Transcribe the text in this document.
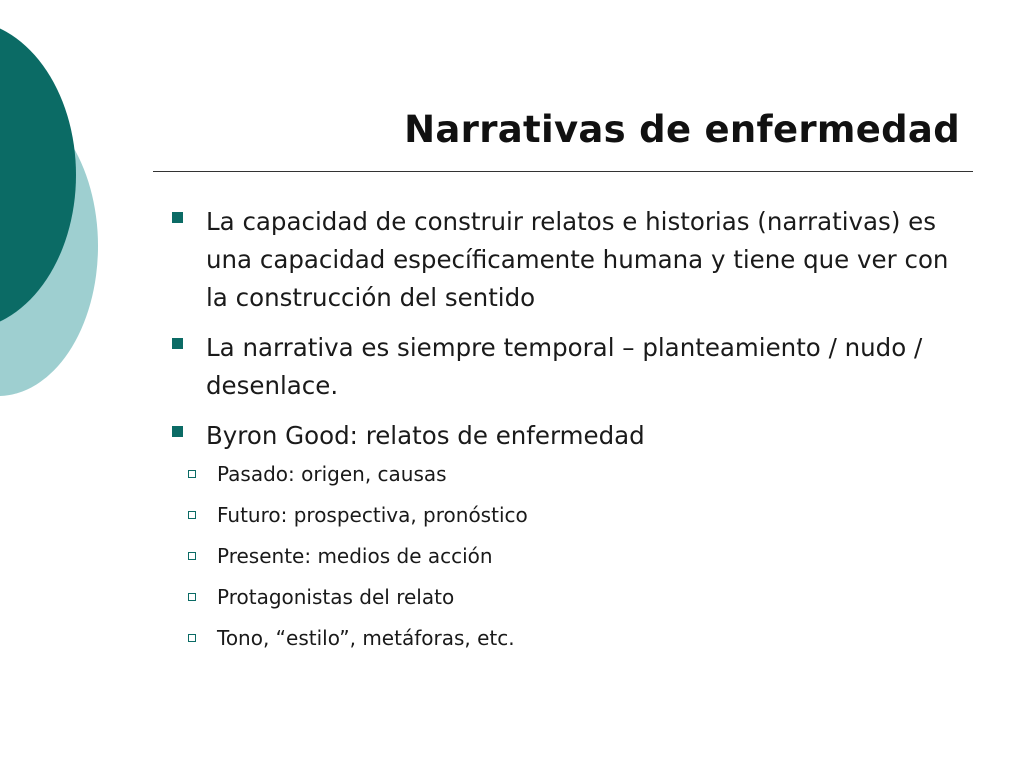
Narrativas de enfermedad
La capacidad de construir relatos e historias (narrativas) es una capacidad específicamente humana y tiene que ver con la construcción del sentido
La narrativa es siempre temporal – planteamiento / nudo / desenlace.
Byron Good: relatos de enfermedad
Pasado: origen, causas
Futuro: prospectiva, pronóstico
Presente: medios de acción
Protagonistas del relato
Tono, “estilo”, metáforas, etc.
